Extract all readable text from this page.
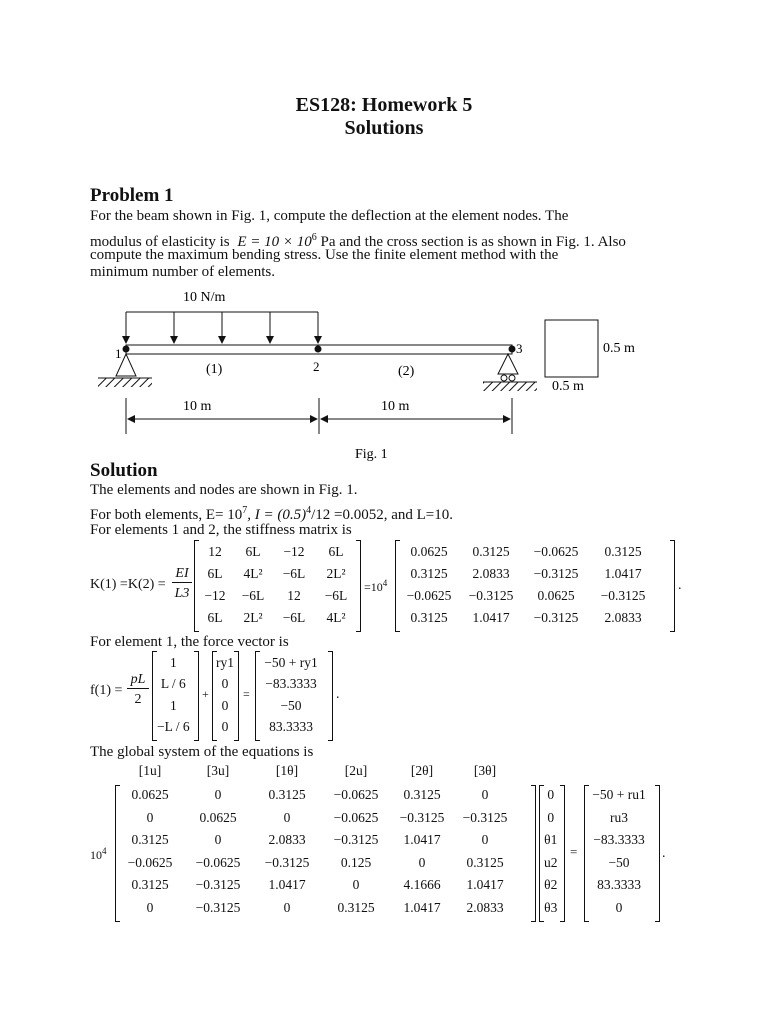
ES128: Homework 5
Solutions
Problem 1
For the beam shown in Fig. 1, compute the deflection at the element nodes. The
modulus of elasticity is $E = 10 \times 10^6$ Pa and the cross section is as shown in Fig. 1. Also
compute the maximum bending stress. Use the finite element method with the
minimum number of elements.
10 N/m
1
2
3
(1)	(2)
10 m	10 m
0.5 m
0.5 m
Fig. 1
Solution
The elements and nodes are shown in Fig. 1.
For both elements, $E= 10^7$, $I = (0.5)^4/12 =0.0052$, and L=10.
For elements 1 and 2, the stiffness matrix is
K(1) =K(2) =
EI
L3
12	6L	−12	6L
6L	4L²	−6L	2L²
−12	−6L	12	−6L
6L	2L²	−6L	4L²
$=10^4$
0.0625	0.3125	−0.0625	0.3125
0.3125	2.0833	−0.3125	1.0417
−0.0625	−0.3125	0.0625	−0.3125
0.3125	1.0417	−0.3125	2.0833
.
For element 1, the force vector is
f(1) =
pL
2
1
L / 6
1
−L / 6
+
ry1
0
0
0
=
−50 + ry1
−83.3333
−50
83.3333
.
The global system of the equations is
[1u]	[3u]	[1θ]	[2u]	[2θ]	[3θ]
$10^4$
0.0625	0	0.3125	−0.0625	0.3125	0
0	0.0625	0	−0.0625	−0.3125	−0.3125
0.3125	0	2.0833	−0.3125	1.0417	0
−0.0625	−0.0625	−0.3125	0.125	0	0.3125
0.3125	−0.3125	1.0417	0	4.1666	1.0417
0	−0.3125	0	0.3125	1.0417	2.0833
0
0
θ1
u2
θ2
θ3
=
−50 + ru1
ru3
−83.3333
−50
83.3333
0
.
